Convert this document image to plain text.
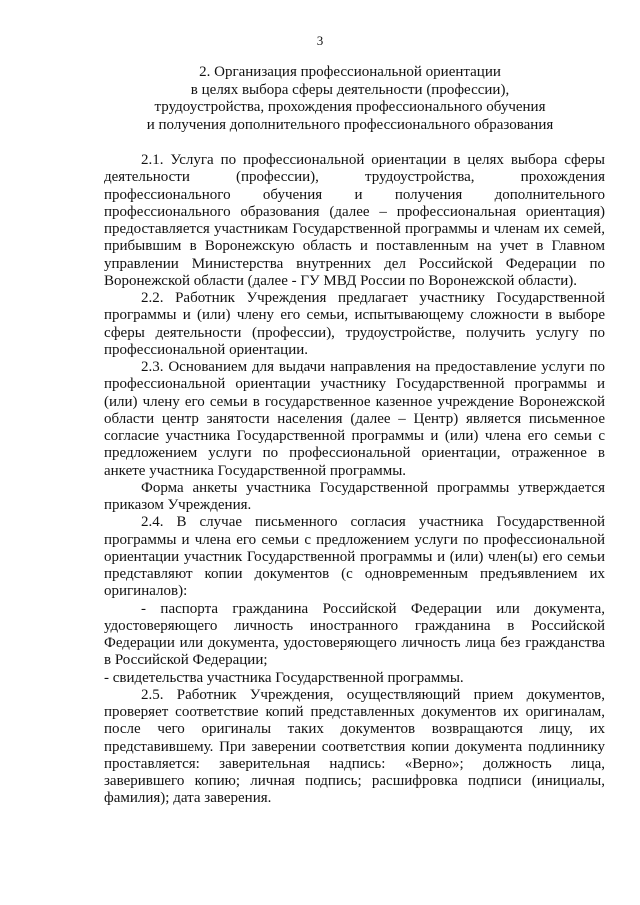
3
2. Организация профессиональной ориентации
в целях выбора сферы деятельности (профессии),
трудоустройства, прохождения профессионального обучения
и получения дополнительного профессионального образования

2.1. Услуга по профессиональной ориентации в целях выбора сферы деятельности (профессии), трудоустройства, прохождения профессионального обучения и получения дополнительного профессионального образования (далее – профессиональная ориентация) предоставляется участникам Государственной программы и членам их семей, прибывшим в Воронежскую область и поставленным на учет в Главном управлении Министерства внутренних дел Российской Федерации по Воронежской области (далее - ГУ МВД России по Воронежской области).

2.2. Работник Учреждения предлагает участнику Государственной программы и (или) члену его семьи, испытывающему сложности в выборе сферы деятельности (профессии), трудоустройстве, получить услугу по профессиональной ориентации.

2.3. Основанием для выдачи направления на предоставление услуги по профессиональной ориентации участнику Государственной программы и (или) члену его семьи в государственное казенное учреждение Воронежской области центр занятости населения (далее – Центр) является письменное согласие участника Государственной программы и (или) члена его семьи с предложением услуги по профессиональной ориентации, отраженное в анкете участника Государственной программы.

Форма анкеты участника Государственной программы утверждается приказом Учреждения.

2.4. В случае письменного согласия участника Государственной программы и члена его семьи с предложением услуги по профессиональной ориентации участник Государственной программы и (или) член(ы) его семьи представляют копии документов (с одновременным предъявлением их оригиналов):

- паспорта гражданина Российской Федерации или документа, удостоверяющего личность иностранного гражданина в Российской Федерации или документа, удостоверяющего личность лица без гражданства в Российской Федерации;

- свидетельства участника Государственной программы.

2.5. Работник Учреждения, осуществляющий прием документов, проверяет соответствие копий представленных документов их оригиналам, после чего оригиналы таких документов возвращаются лицу, их представившему. При заверении соответствия копии документа подлиннику проставляется: заверительная надпись: «Верно»; должность лица, заверившего копию; личная подпись; расшифровка подписи (инициалы, фамилия); дата заверения.
